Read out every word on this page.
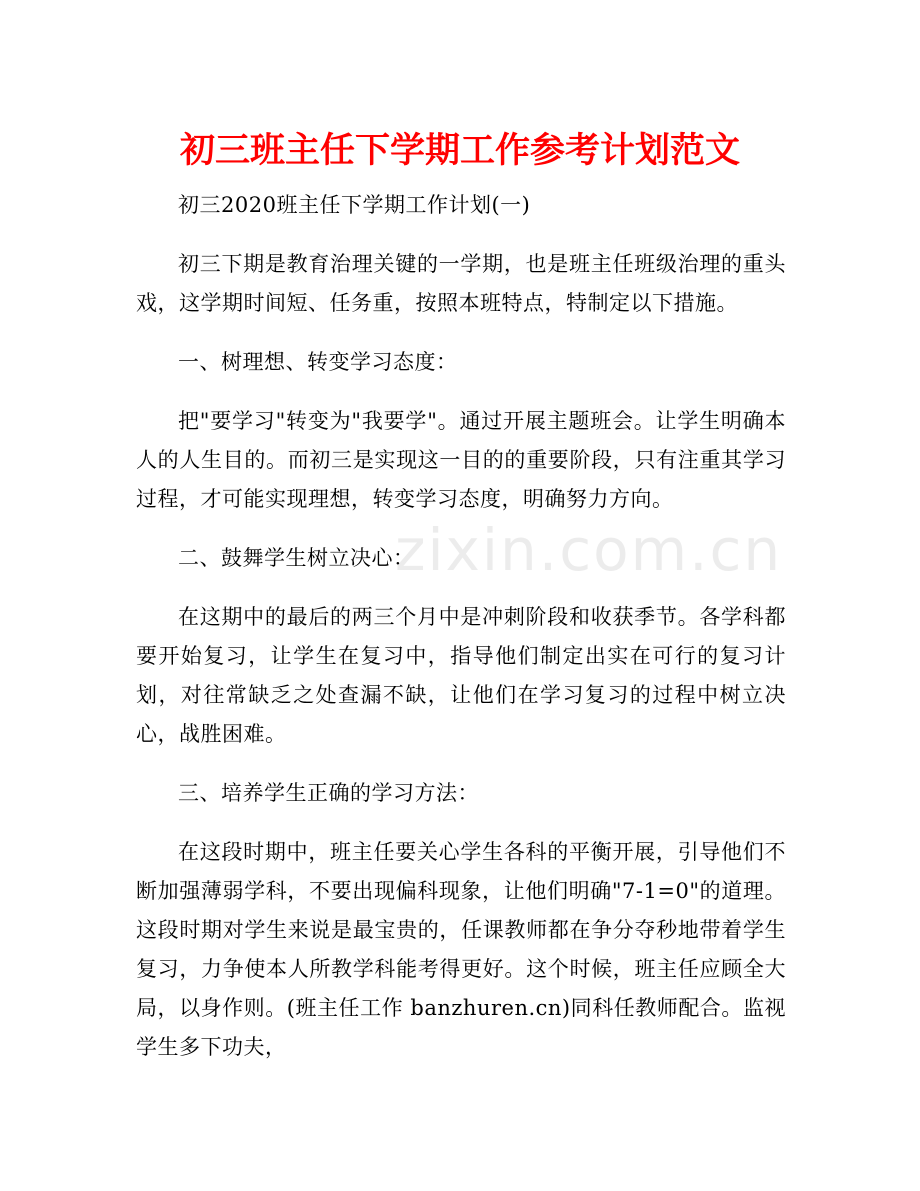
初三班主任下学期工作参考计划范文
zixin.com.cn

初三2020班主任下学期工作计划(一)

初三下期是教育治理关键的一学期，也是班主任班级治理的重头戏，这学期时间短、任务重，按照本班特点，特制定以下措施。

一、树理想、转变学习态度：

把"要学习"转变为"我要学"。通过开展主题班会。让学生明确本人的人生目的。而初三是实现这一目的的重要阶段，只有注重其学习过程，才可能实现理想，转变学习态度，明确努力方向。

二、鼓舞学生树立决心：

在这期中的最后的两三个月中是冲刺阶段和收获季节。各学科都要开始复习，让学生在复习中，指导他们制定出实在可行的复习计划，对往常缺乏之处查漏不缺，让他们在学习复习的过程中树立决心，战胜困难。

三、培养学生正确的学习方法：

在这段时期中，班主任要关心学生各科的平衡开展，引导他们不断加强薄弱学科，不要出现偏科现象，让他们明确"7-1=0"的道理。这段时期对学生来说是最宝贵的，任课教师都在争分夺秒地带着学生复习，力争使本人所教学科能考得更好。这个时候，班主任应顾全大局，以身作则。(班主任工作 banzhuren.cn)同科任教师配合。监视学生多下功夫，
